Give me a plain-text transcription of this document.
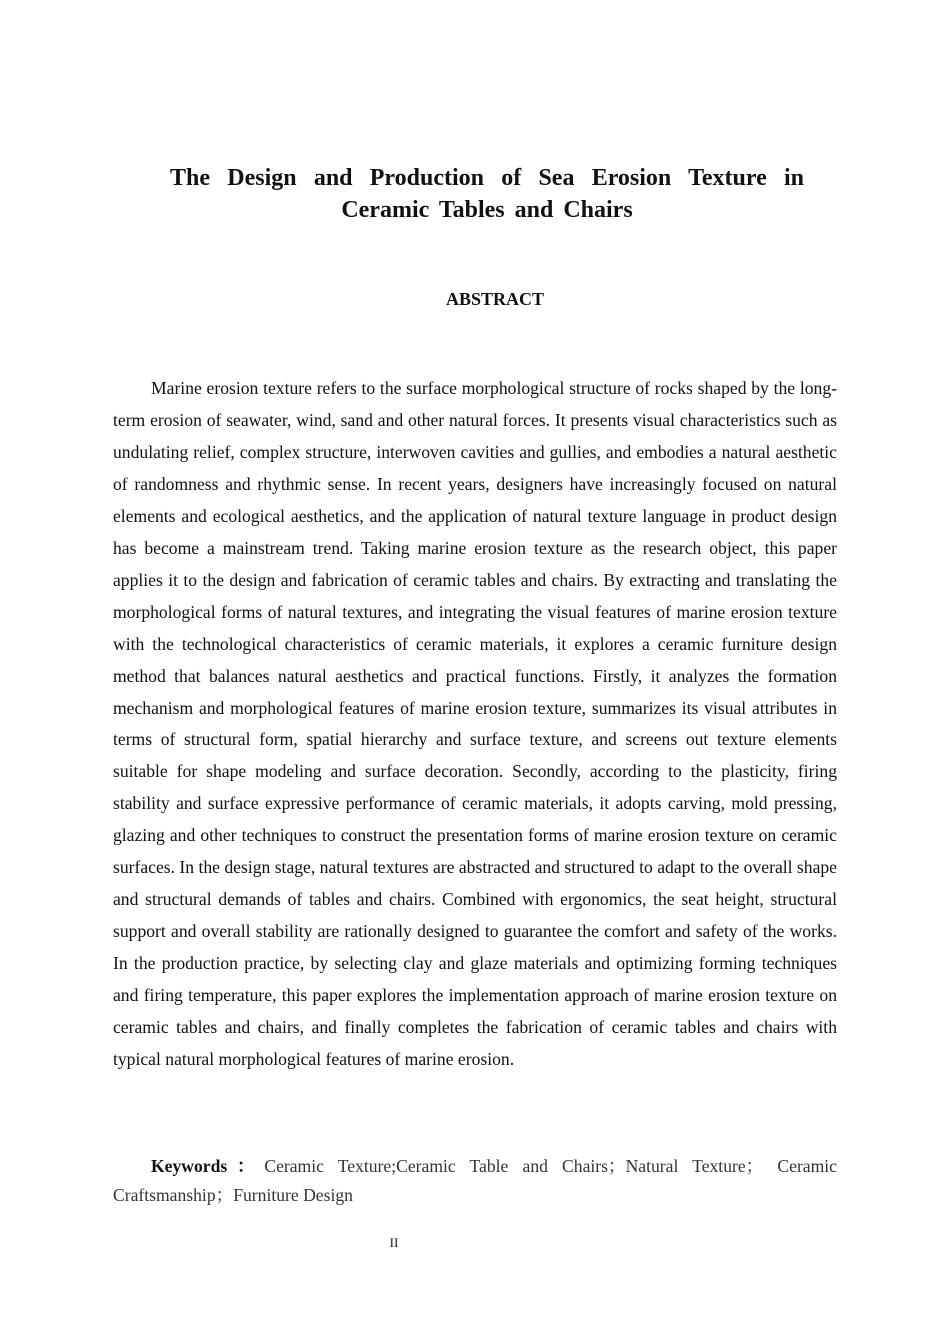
The Design and Production of Sea Erosion Texture in Ceramic Tables and Chairs
ABSTRACT

Marine erosion texture refers to the surface morphological structure of rocks shaped by the long-term erosion of seawater, wind, sand and other natural forces. It presents visual characteristics such as undulating relief, complex structure, interwoven cavities and gullies, and embodies a natural aesthetic of randomness and rhythmic sense. In recent years, designers have increasingly focused on natural elements and ecological aesthetics, and the application of natural texture language in product design has become a mainstream trend. Taking marine erosion texture as the research object, this paper applies it to the design and fabrication of ceramic tables and chairs. By extracting and translating the morphological forms of natural textures, and integrating the visual features of marine erosion texture with the technological characteristics of ceramic materials, it explores a ceramic furniture design method that balances natural aesthetics and practical functions. Firstly, it analyzes the formation mechanism and morphological features of marine erosion texture, summarizes its visual attributes in terms of structural form, spatial hierarchy and surface texture, and screens out texture elements suitable for shape modeling and surface decoration. Secondly, according to the plasticity, firing stability and surface expressive performance of ceramic materials, it adopts carving, mold pressing, glazing and other techniques to construct the presentation forms of marine erosion texture on ceramic surfaces. In the design stage, natural textures are abstracted and structured to adapt to the overall shape and structural demands of tables and chairs. Combined with ergonomics, the seat height, structural support and overall stability are rationally designed to guarantee the comfort and safety of the works. In the production practice, by selecting clay and glaze materials and optimizing forming techniques and firing temperature, this paper explores the implementation approach of marine erosion texture on ceramic tables and chairs, and finally completes the fabrication of ceramic tables and chairs with typical natural morphological features of marine erosion.

Keywords：Ceramic Texture;Ceramic Table and Chairs；Natural Texture； Ceramic Craftsmanship；Furniture Design

II
